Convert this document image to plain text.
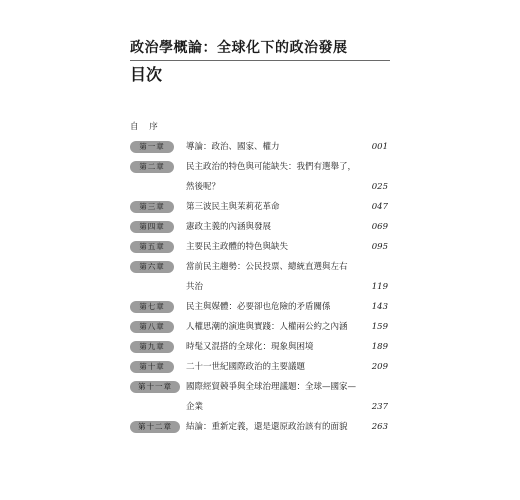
政治學概論：全球化下的政治發展
目次
自 序
第一章	導論：政治、國家、權力	001
第二章	民主政治的特色與可能缺失：我們有選舉了，
然後呢？	025
第三章	第三波民主與茉莉花革命	047
第四章	憲政主義的內涵與發展	069
第五章	主要民主政體的特色與缺失	095
第六章	當前民主趨勢：公民投票、總統直選與左右
共治	119
第七章	民主與媒體：必要卻也危險的矛盾關係	143
第八章	人權思潮的演進與實踐：人權兩公約之內涵	159
第九章	時髦又混搭的全球化：現象與困境	189
第十章	二十一世紀國際政治的主要議題	209
第十一章	國際經貿競爭與全球治理議題：全球—國家—
企業	237
第十二章	結論：重新定義，還是還原政治該有的面貌	263
